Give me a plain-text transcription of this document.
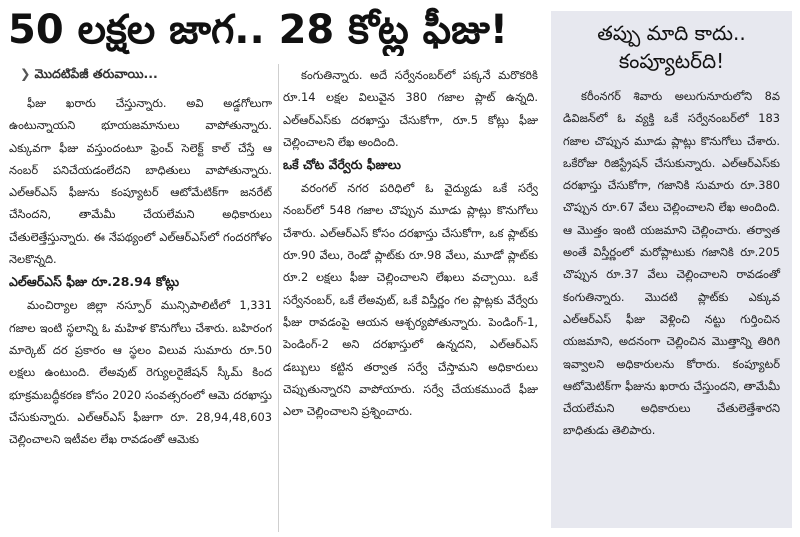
50 లక్షల జాగ.. 28 కోట్ల ఫీజు!
❯ మొదటిపేజీ తరువాయి...

ఫీజు ఖరారు చేస్తున్నారు. అవి అడ్డగోలుగా ఉంటున్నాయని భూయజమానులు వాపోతున్నారు. ఎక్కువగా ఫీజు వస్తుందంటూ ఫ్రెంచ్ సెలెక్ట్ కాల్ చేస్తే ఆ నంబర్ పనిచేయడంలేదని బాధితులు వాపోతున్నారు. ఎల్ఆర్ఎస్ ఫీజును కంప్యూటర్ ఆటోమేటిక్‌గా జనరేట్ చేసిందని, తామేమీ చేయలేమని అధికారులు చేతులెత్తేస్తున్నారు. ఈ నేపథ్యంలో ఎల్ఆర్ఎస్‌లో గందరగోళం నెలకొన్నది.

ఎల్ఆర్ఎస్ ఫీజు రూ.28.94 కోట్లు

మంచిర్యాల జిల్లా నస్పూర్ మున్సిపాలిటీలో 1,331 గజాల ఇంటి స్థలాన్ని ఓ మహిళ కొనుగోలు చేశారు. బహిరంగ మార్కెట్ దర ప్రకారం ఆ స్థలం విలువ సుమారు రూ.50 లక్షలు ఉంటుంది. లేఅవుట్ రెగ్యులరైజేషన్ స్కీమ్ కింద భూక్రమబద్ధీకరణ కోసం 2020 సంవత్సరంలో ఆమె దరఖాస్తు చేసుకున్నారు. ఎల్ఆర్ఎస్ ఫీజుగా రూ. 28,94,48,603 చెల్లించాలని ఇటీవల లేఖ రావడంతో ఆమెకు

కంగుతిన్నారు. అదే సర్వేనంబర్‌లో పక్కనే మరొకరికి రూ.14 లక్షల విలువైన 380 గజాల ప్లాట్ ఉన్నది. ఎల్ఆర్ఎస్‌కు దరఖాస్తు చేసుకోగా, రూ.5 కోట్లు ఫీజు చెల్లించాలని లేఖ అందింది.

ఒకే చోట వేర్వేరు ఫీజులు

వరంగల్ నగర పరిధిలో ఓ వైద్యుడు ఒకే సర్వే నంబర్‌లో 548 గజాల చొప్పున మూడు ప్లాట్లు కొనుగోలు చేశారు. ఎల్ఆర్ఎస్ కోసం దరఖాస్తు చేసుకోగా, ఒక ప్లాట్‌కు రూ.90 వేలు, రెండో ప్లాట్‌కు రూ.98 వేలు, మూడో ప్లాట్‌కు రూ.2 లక్షలు ఫీజు చెల్లించాలని లేఖలు వచ్చాయి. ఒకే సర్వేనంబర్, ఒకే లేఅవుట్, ఒకే విస్తీర్ణం గల ప్లాట్లకు వేర్వేరు ఫీజు రావడంపై ఆయన ఆశ్చర్యపోతున్నారు. పెండింగ్-1, పెండింగ్-2 అని దరఖాస్తులో ఉన్నదని, ఎల్ఆర్ఎస్ డబ్బులు కట్టిన తర్వాత సర్వే చేస్తామని అధికారులు చెప్పుతున్నారని వాపోయారు. సర్వే చేయకముందే ఫీజు ఎలా చెల్లించాలని ప్రశ్నించారు.

తప్పు మాది కాదు..
కంప్యూటర్‌ది!

కరీంనగర్ శివారు అలుగునూరులోని 8వ డివిజన్‌లో ఓ వ్యక్తి ఒకే సర్వేనంబర్‌లో 183 గజాల చొప్పున మూడు ప్లాట్లు కొనుగోలు చేశారు. ఒకేరోజు రిజిస్ట్రేషన్ చేసుకున్నారు. ఎల్ఆర్ఎస్‌కు దరఖాస్తు చేసుకోగా, గజానికి సుమారు రూ.380 చొప్పున రూ.67 వేలు చెల్లించాలని లేఖ అందింది. ఆ మొత్తం ఇంటి యజమాని చెల్లించారు. తర్వాత అంతే విస్తీర్ణంలో మరోప్లాటుకు గజానికి రూ.205 చొప్పున రూ.37 వేలు చెల్లించాలని రావడంతో కంగుతిన్నారు. మొదటి ప్లాట్‌కు ఎక్కువ ఎల్ఆర్ఎస్ ఫీజు వెళ్లించి నట్టు గుర్తించిన యజమాని, అదనంగా చెల్లించిన మొత్తాన్ని తిరిగి ఇవ్వాలని అధికారులను కోరారు. కంప్యూటర్ ఆటోమెటిక్‌గా ఫీజును ఖరారు చేస్తుందని, తామేమీ చేయలేమని అధికారులు చేతులెత్తేశారని బాధితుడు తెలిపారు.
